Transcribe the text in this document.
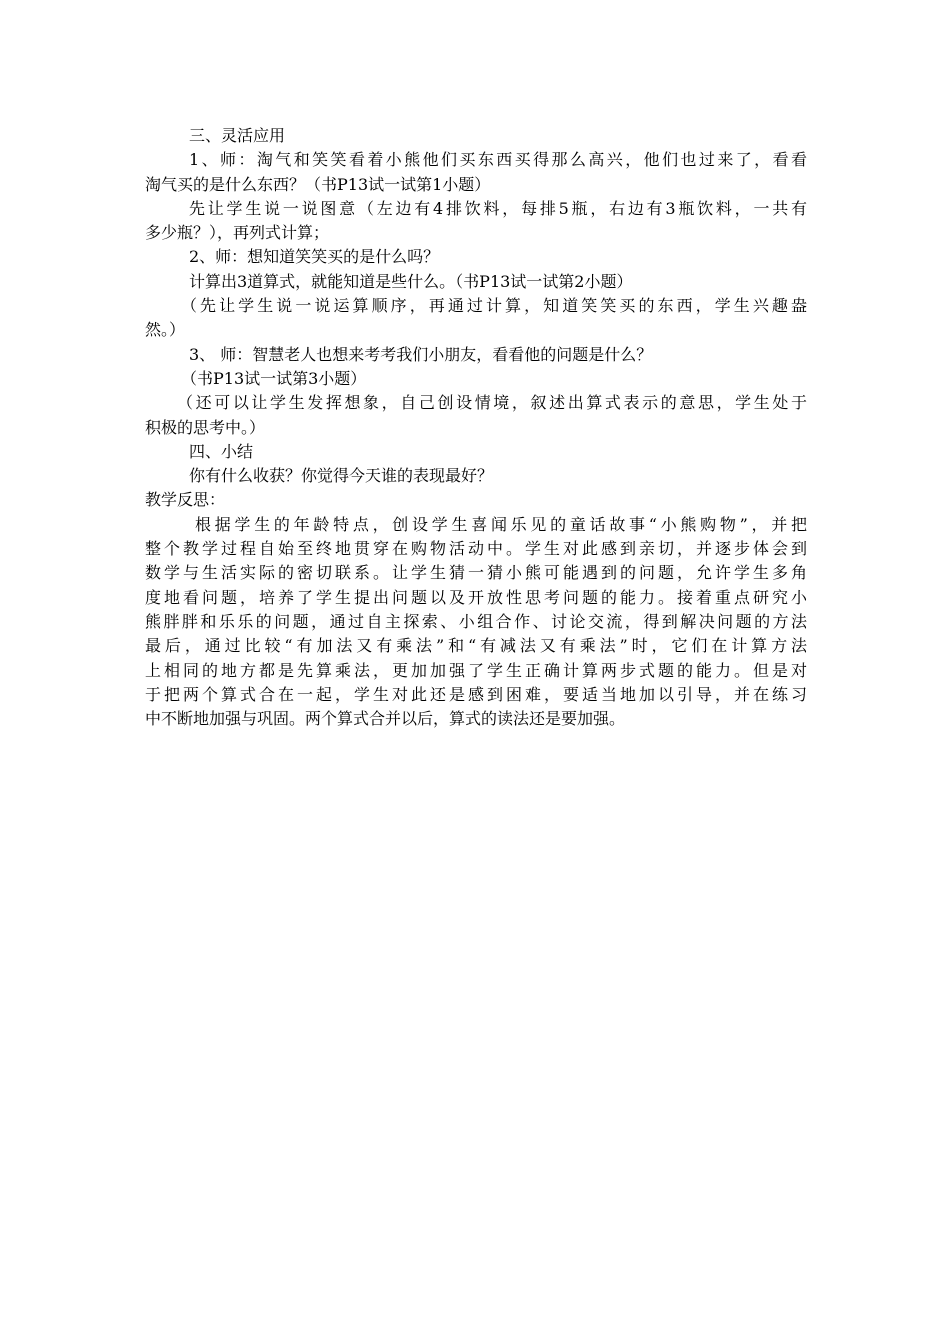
三、灵活应用
1、师：淘气和笑笑看着小熊他们买东西买得那么高兴，他们也过来了，看看
淘气买的是什么东西？（书P13试一试第1小题）
先让学生说一说图意（左边有4排饮料，每排5瓶，右边有3瓶饮料，一共有
多少瓶？），再列式计算；
2、师：想知道笑笑买的是什么吗？
计算出3道算式，就能知道是些什么。（书P13试一试第2小题）
（先让学生说一说运算顺序，再通过计算，知道笑笑买的东西，学生兴趣盎
然。）
3、 师：智慧老人也想来考考我们小朋友，看看他的问题是什么？
（书P13试一试第3小题）
（还可以让学生发挥想象，自己创设情境，叙述出算式表示的意思，学生处于
积极的思考中。）
四、小结
你有什么收获？你觉得今天谁的表现最好？
教学反思：
根据学生的年龄特点，创设学生喜闻乐见的童话故事“小熊购物”，并把
整个教学过程自始至终地贯穿在购物活动中。学生对此感到亲切，并逐步体会到
数学与生活实际的密切联系。让学生猜一猜小熊可能遇到的问题，允许学生多角
度地看问题，培养了学生提出问题以及开放性思考问题的能力。接着重点研究小
熊胖胖和乐乐的问题，通过自主探索、小组合作、讨论交流，得到解决问题的方法
最后，通过比较“有加法又有乘法”和“有减法又有乘法”时，它们在计算方法
上相同的地方都是先算乘法，更加加强了学生正确计算两步式题的能力。但是对
于把两个算式合在一起，学生对此还是感到困难，要适当地加以引导，并在练习
中不断地加强与巩固。两个算式合并以后，算式的读法还是要加强。
